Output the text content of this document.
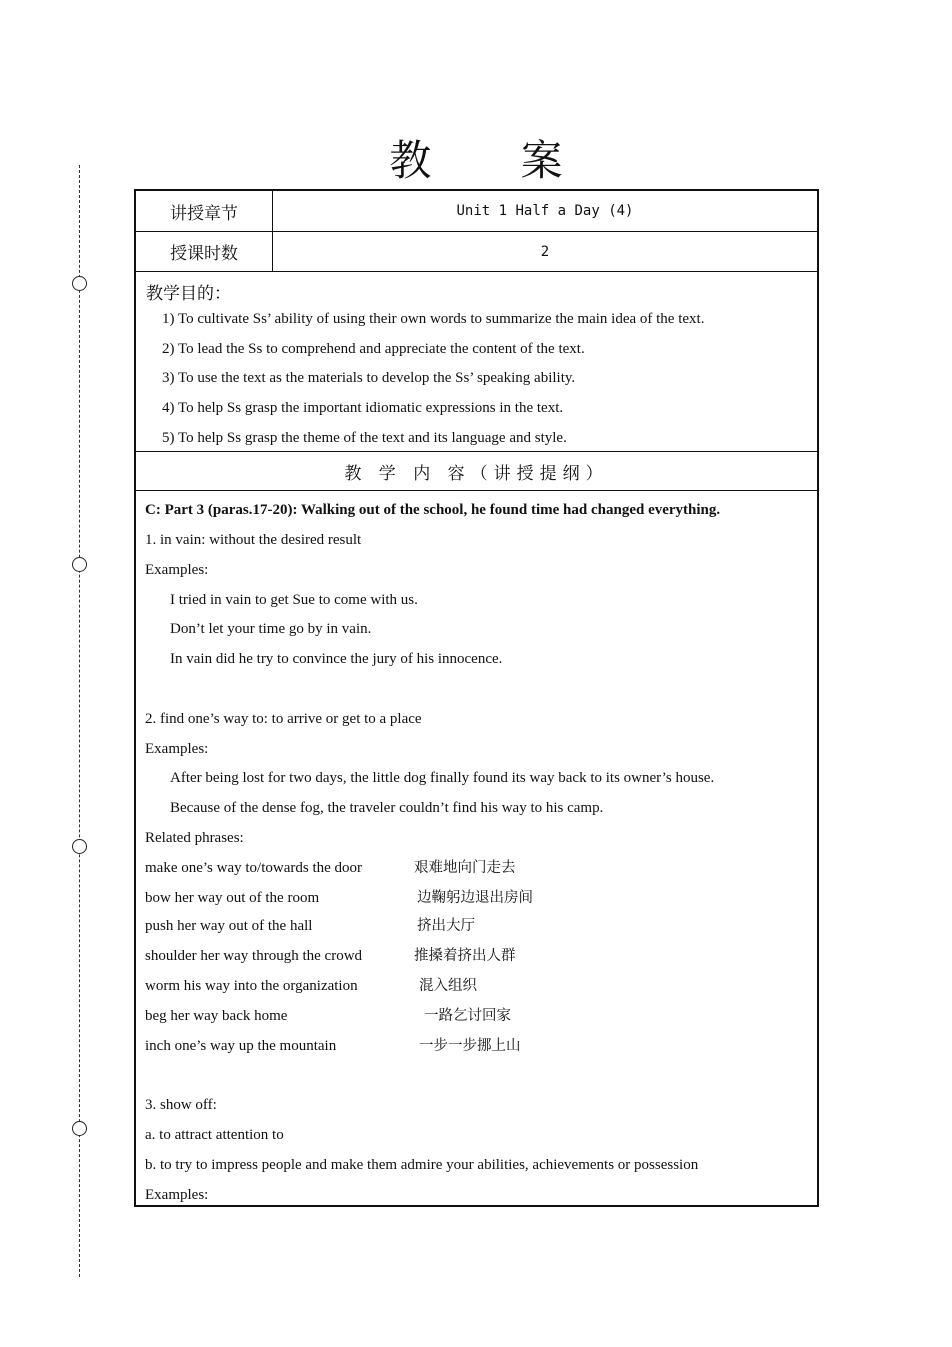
教 案
讲授章节	Unit 1 Half a Day (4)
授课时数	2
教学目的：
1) To cultivate Ss’ ability of using their own words to summarize the main idea of the text.
2) To lead the Ss to comprehend and appreciate the content of the text.
3) To use the text as the materials to develop the Ss’ speaking ability.
4) To help Ss grasp the important idiomatic expressions in the text.
5) To help Ss grasp the theme of the text and its language and style.
教 学 内 容（讲授提纲）
C: Part 3 (paras.17-20): Walking out of the school, he found time had changed everything.
1. in vain: without the desired result
Examples:
I tried in vain to get Sue to come with us.
Don’t let your time go by in vain.
In vain did he try to convince the jury of his innocence.
2. find one’s way to: to arrive or get to a place
Examples:
After being lost for two days, the little dog finally found its way back to its owner’s house.
Because of the dense fog, the traveler couldn’t find his way to his camp.
Related phrases:
make one’s way to/towards the door	艰难地向门走去
bow her way out of the room	边鞠躬边退出房间
push her way out of the hall	挤出大厅
shoulder her way through the crowd	推搡着挤出人群
worm his way into the organization	混入组织
beg her way back home	一路乞讨回家
inch one’s way up the mountain	一步一步挪上山
3. show off:
a. to attract attention to
b. to try to impress people and make them admire your abilities, achievements or possession
Examples:
